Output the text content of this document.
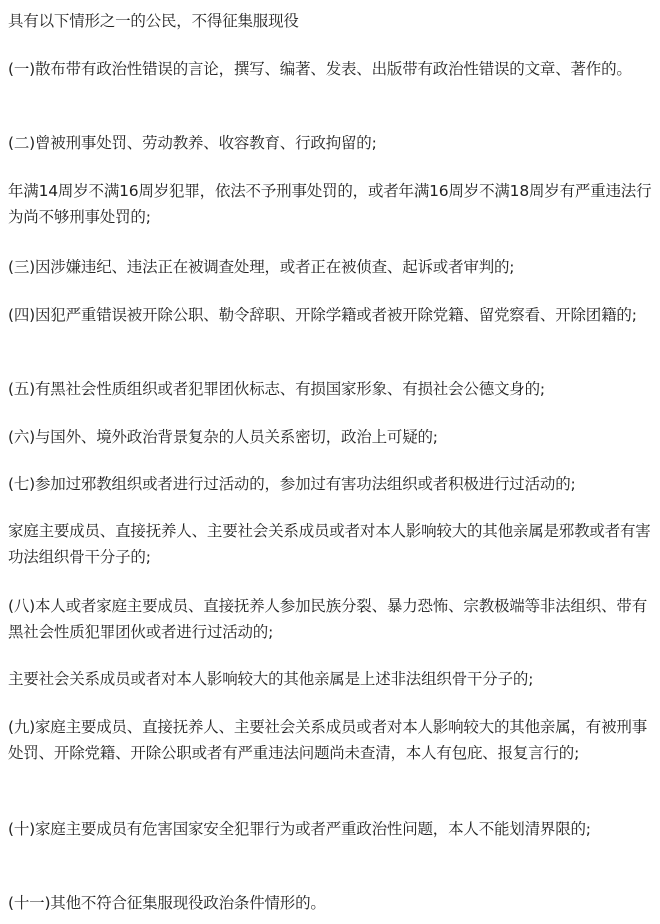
具有以下情形之一的公民，不得征集服现役

(一)散布带有政治性错误的言论，撰写、编著、发表、出版带有政治性错误的文章、著作的。

(二)曾被刑事处罚、劳动教养、收容教育、行政拘留的;

年满14周岁不满16周岁犯罪，依法不予刑事处罚的，或者年满16周岁不满18周岁有严重违法行为尚不够刑事处罚的;

(三)因涉嫌违纪、违法正在被调查处理，或者正在被侦查、起诉或者审判的;

(四)因犯严重错误被开除公职、勒令辞职、开除学籍或者被开除党籍、留党察看、开除团籍的;

(五)有黑社会性质组织或者犯罪团伙标志、有损国家形象、有损社会公德文身的;

(六)与国外、境外政治背景复杂的人员关系密切，政治上可疑的;

(七)参加过邪教组织或者进行过活动的，参加过有害功法组织或者积极进行过活动的;

家庭主要成员、直接抚养人、主要社会关系成员或者对本人影响较大的其他亲属是邪教或者有害功法组织骨干分子的;

(八)本人或者家庭主要成员、直接抚养人参加民族分裂、暴力恐怖、宗教极端等非法组织、带有黑社会性质犯罪团伙或者进行过活动的;

主要社会关系成员或者对本人影响较大的其他亲属是上述非法组织骨干分子的;

(九)家庭主要成员、直接抚养人、主要社会关系成员或者对本人影响较大的其他亲属，有被刑事处罚、开除党籍、开除公职或者有严重违法问题尚未查清，本人有包庇、报复言行的;

(十)家庭主要成员有危害国家安全犯罪行为或者严重政治性问题，本人不能划清界限的;

(十一)其他不符合征集服现役政治条件情形的。
